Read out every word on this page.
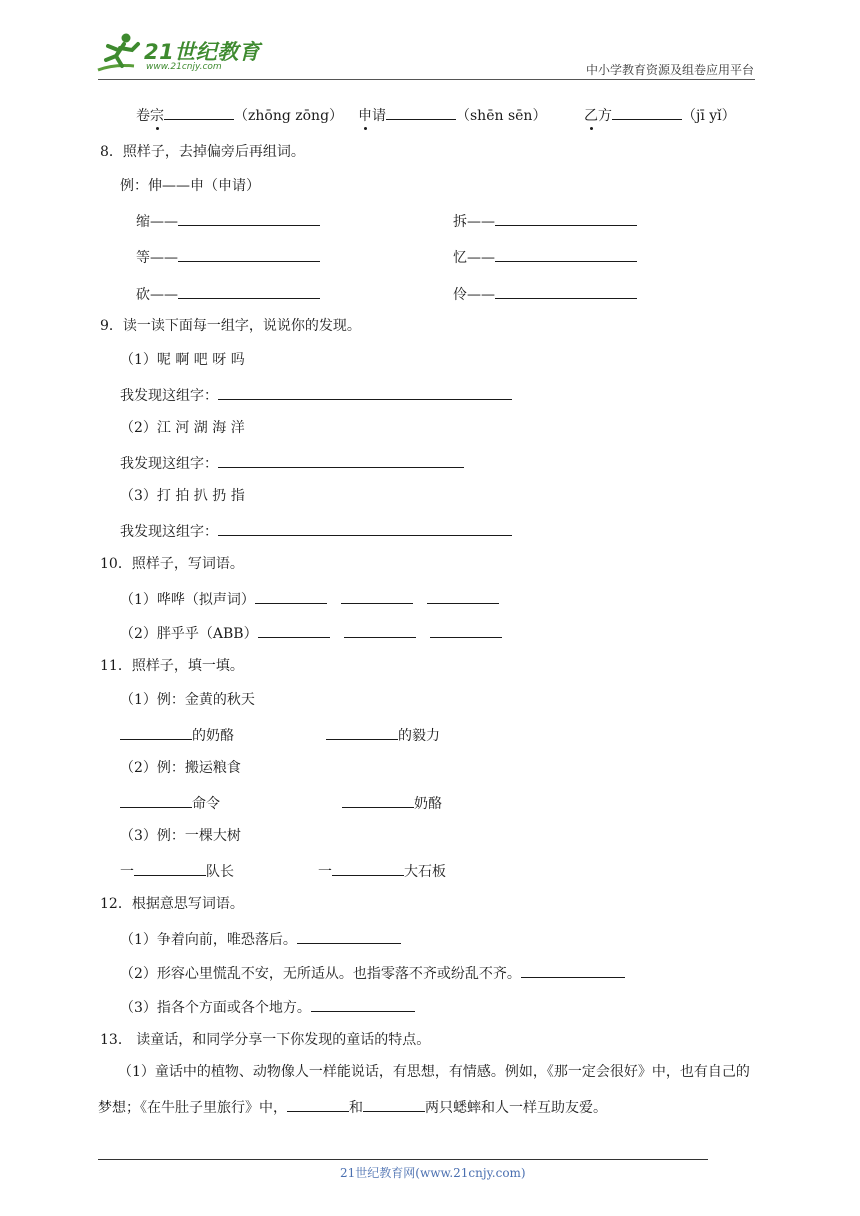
21世纪教育
www.21cnjy.com	中小学教育资源及组卷应用平台
卷宗	（zhōng zōng） 申请	（shēn sēn）	乙方	（jī yǐ）
8．照样子，去掉偏旁后再组词。
例：伸——申（申请）
缩——	拆——
等——	忆——
砍——	伶——
9．读一读下面每一组字，说说你的发现。
（1）呢 啊 吧 呀 吗
我发现这组字：
（2）江 河 湖 海 洋
我发现这组字：
（3）打 拍 扒 扔 指
我发现这组字：
10．照样子，写词语。
（1）哗哗（拟声词）
（2）胖乎乎（ABB）
11．照样子，填一填。
（1）例：金黄的秋天
的奶酪	的毅力
（2）例：搬运粮食
命令	奶酪
（3）例：一棵大树
一	队长	一	大石板
12．根据意思写词语。
（1）争着向前，唯恐落后。
（2）形容心里慌乱不安，无所适从。也指零落不齐或纷乱不齐。
（3）指各个方面或各个地方。
13． 读童话，和同学分享一下你发现的童话的特点。
（1）童话中的植物、动物像人一样能说话，有思想，有情感。例如，《那一定会很好》中，也有自己的梦想；《在牛肚子里旅行》中，	和	两只蟋蟀和人一样互助友爱。
21世纪教育网(www.21cnjy.com)
